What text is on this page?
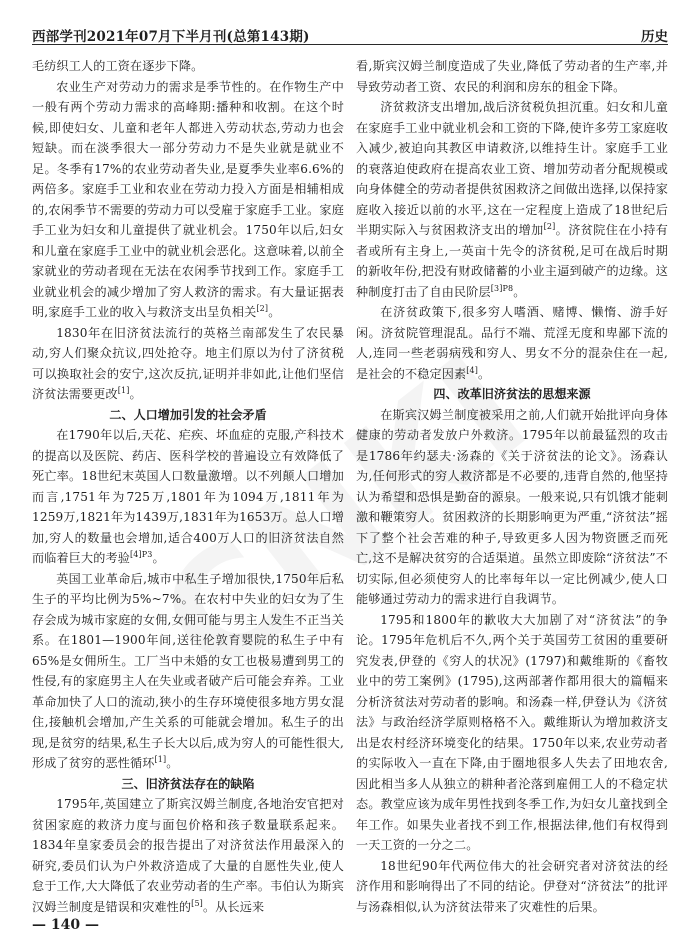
西部学刊2021年07月下半月刊(总第143期)	历史

毛纺织工人的工资在逐步下降。

农业生产对劳动力的需求是季节性的。在作物生产中一般有两个劳动力需求的高峰期:播种和收割。在这个时候,即使妇女、儿童和老年人都进入劳动状态,劳动力也会短缺。而在淡季很大一部分劳动力不是失业就是就业不足。冬季有17%的农业劳动者失业,是夏季失业率6.6%的两倍多。家庭手工业和农业在劳动力投入方面是相辅相成的,农闲季节不需要的劳动力可以受雇于家庭手工业。家庭手工业为妇女和儿童提供了就业机会。1750年以后,妇女和儿童在家庭手工业中的就业机会恶化。这意味着,以前全家就业的劳动者现在无法在农闲季节找到工作。家庭手工业就业机会的减少增加了穷人救济的需求。有大量证据表明,家庭手工业的收入与救济支出呈负相关[2]。

1830年在旧济贫法流行的英格兰南部发生了农民暴动,穷人们聚众抗议,四处抢夺。地主们原以为付了济贫税可以换取社会的安宁,这次反抗,证明并非如此,让他们坚信济贫法需要更改[1]。

二、人口增加引发的社会矛盾

在1790年以后,天花、疟疾、坏血症的克服,产科技术的提高以及医院、药店、医科学校的普遍设立有效降低了死亡率。18世纪末英国人口数量激增。以不列颠人口增加而言,1751年为725万,1801年为1094万,1811年为1259万,1821年为1439万,1831年为1653万。总人口增加,穷人的数量也会增加,适合400万人口的旧济贫法自然而临着巨大的考验$^{[4]P3}$。

英国工业革命后,城市中私生子增加很快,1750年后私生子的平均比例为5%~7%。在农村中失业的妇女为了生存会成为城市家庭的女佣,女佣可能与男主人发生不正当关系。在1801—1900年间,送往伦敦育婴院的私生子中有65%是女佣所生。工厂当中未婚的女工也极易遭到男工的性侵,有的家庭男主人在失业或者破产后可能会弃养。工业革命加快了人口的流动,狭小的生存环境使很多地方男女混住,接触机会增加,产生关系的可能就会增加。私生子的出现,是贫穷的结果,私生子长大以后,成为穷人的可能性很大,形成了贫穷的恶性循环[1]。

三、旧济贫法存在的缺陷

1795年,英国建立了斯宾汉姆兰制度,各地治安官把对贫困家庭的救济力度与面包价格和孩子数量联系起来。1834年皇家委员会的报告提出了对济贫法作用最深入的研究,委员们认为户外救济造成了大量的自愿性失业,使人怠于工作,大大降低了农业劳动者的生产率。韦伯认为斯宾汉姆兰制度是错误和灾难性的[5]。从长远来

看,斯宾汉姆兰制度造成了失业,降低了劳动者的生产率,并导致劳动者工资、农民的利润和房东的租金下降。

济贫救济支出增加,战后济贫税负担沉重。妇女和儿童在家庭手工业中就业机会和工资的下降,使许多劳工家庭收入减少,被迫向其教区申请救济,以维持生计。家庭手工业的衰落迫使政府在提高农业工资、增加劳动者分配规模或向身体健全的劳动者提供贫困救济之间做出选择,以保持家庭收入接近以前的水平,这在一定程度上造成了18世纪后半期实际入与贫困救济支出的增加[2]。济贫院住在小持有者或所有主身上,一英亩十先令的济贫税,足可在战后时期的新收年份,把没有财政储蓄的小业主逼到破产的边缘。这种制度打击了自由民阶层$^{[3]P8}$。

在济贫政策下,很多穷人嗜酒、赌博、懒惰、游手好闲。济贫院管理混乱。品行不端、荒淫无度和卑鄙下流的人,连同一些老弱病残和穷人、男女不分的混杂住在一起,是社会的不稳定因素[4]。

四、改革旧济贫法的思想来源

在斯宾汉姆兰制度被采用之前,人们就开始批评向身体健康的劳动者发放户外救济。1795年以前最猛烈的攻击是1786年约瑟夫·汤森的《关于济贫法的论文》。汤森认为,任何形式的穷人救济都是不必要的,违背自然的,他坚持认为希望和恐惧是勤奋的源泉。一般来说,只有饥饿才能刺激和鞭策穷人。贫困救济的长期影响更为严重,“济贫法”摇下了整个社会苦难的种子,导致更多人因为物资匮乏而死亡,这不是解决贫穷的合适渠道。虽然立即废除“济贫法”不切实际,但必须使穷人的比率每年以一定比例减少,使人口能够通过劳动力的需求进行自我调节。

1795和1800年的歉收大大加剧了对“济贫法”的争论。1795年危机后不久,两个关于英国劳工贫困的重要研究发表,伊登的《穷人的状况》(1797)和戴维斯的《畜牧业中的劳工案例》(1795),这两部著作都用很大的篇幅来分析济贫法对劳动者的影响。和汤森一样,伊登认为《济贫法》与政治经济学原则格格不入。戴维斯认为增加救济支出是农村经济环境变化的结果。1750年以来,农业劳动者的实际收入一直在下降,由于圈地很多人失去了田地农舍,因此相当多人从独立的耕种者沦落到雇佣工人的不稳定状态。教堂应该为成年男性找到冬季工作,为妇女儿童找到全年工作。如果失业者找不到工作,根据法律,他们有权得到一天工资的一分之二。

18世纪90年代两位伟大的社会研究者对济贫法的经济作用和影响得出了不同的结论。伊登对“济贫法”的批评与汤森相似,认为济贫法带来了灾难性的后果。

— 140 —
